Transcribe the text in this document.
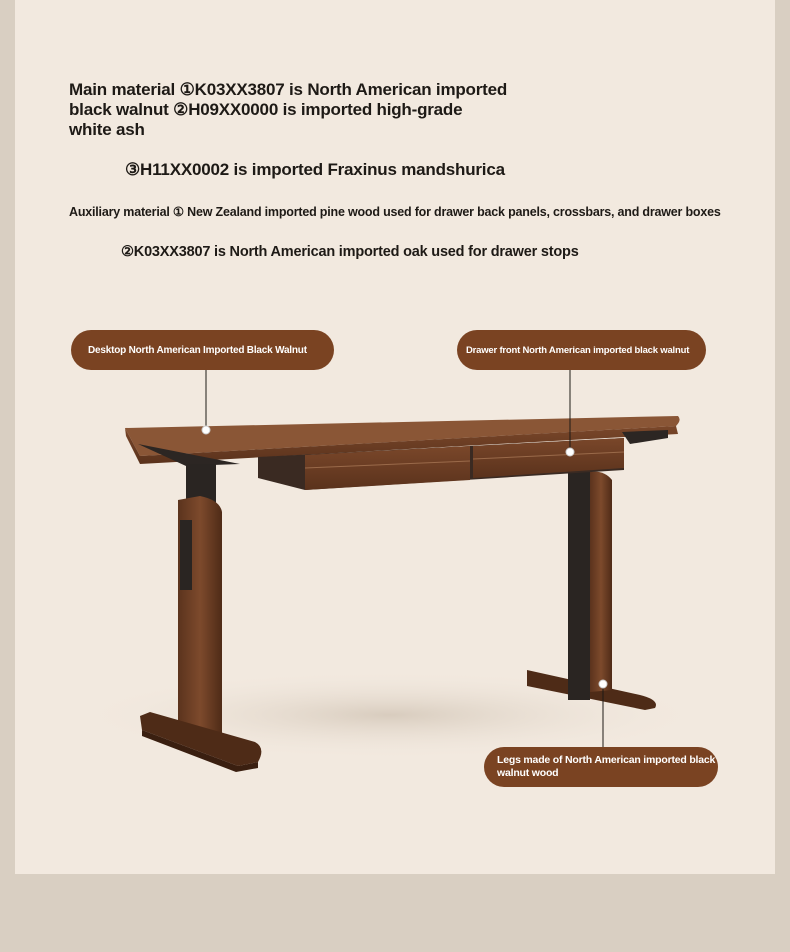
Main material ①K03XX3807 is North American imported black walnut ②H09XX0000 is imported high-grade white ash
③H11XX0002 is imported Fraxinus mandshurica
Auxiliary material ① New Zealand imported pine wood used for drawer back panels, crossbars, and drawer boxes
②K03XX3807 is North American imported oak used for drawer stops
Desktop North American Imported Black Walnut	Drawer front North American imported black walnut
Legs made of North American imported black walnut wood
